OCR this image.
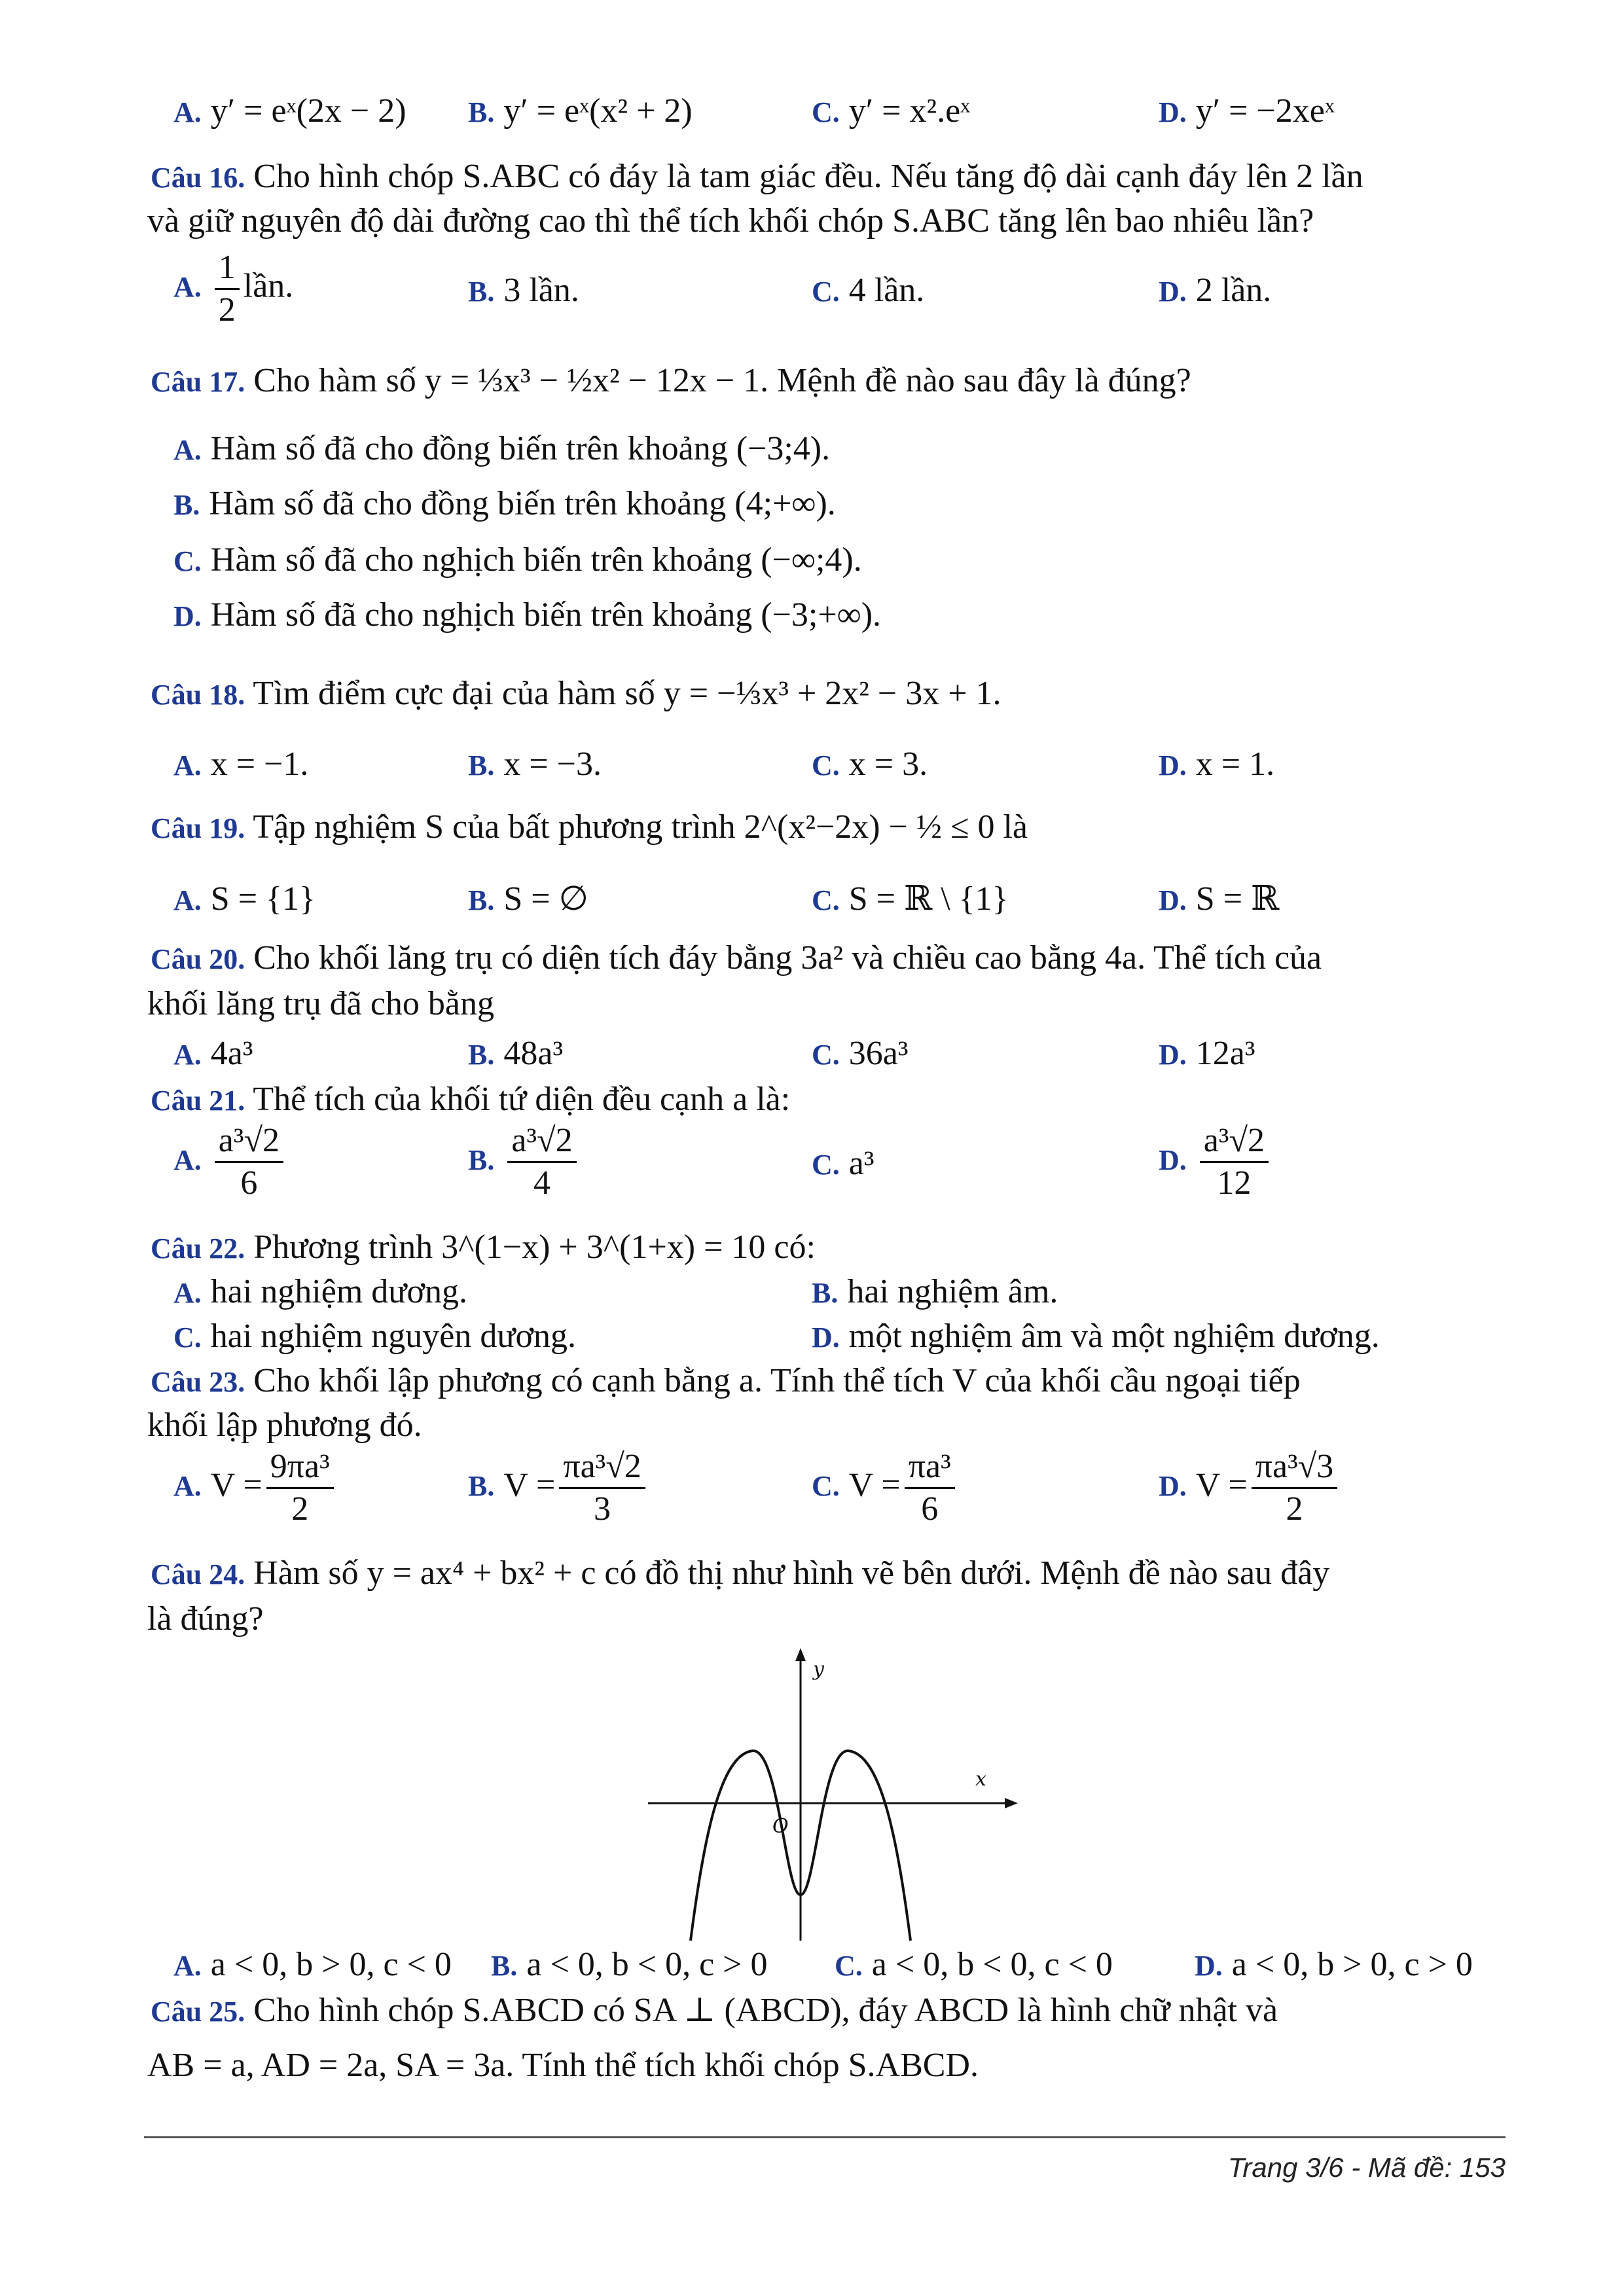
A. y′ = eˣ(2x − 2) B. y′ = eˣ(x² + 2)	C. y′ = x².eˣ	D. y′ = −2xeˣ
Câu 16. Cho hình chóp S.ABC có đáy là tam giác đều. Nếu tăng độ dài cạnh đáy lên 2 lần
và giữ nguyên độ dài đường cao thì thể tích khối chóp S.ABC tăng lên bao nhiêu lần?
A. $\frac{1}{2}$ lần.	B. 3 lần.	C. 4 lần.	D. 2 lần.
Câu 17. Cho hàm số y = ⅓x³ − ½x² − 12x − 1. Mệnh đề nào sau đây là đúng?
A. Hàm số đã cho đồng biến trên khoảng (−3;4).
B. Hàm số đã cho đồng biến trên khoảng (4;+∞).
C. Hàm số đã cho nghịch biến trên khoảng (−∞;4).
D. Hàm số đã cho nghịch biến trên khoảng (−3;+∞).
Câu 18. Tìm điểm cực đại của hàm số y = −⅓x³ + 2x² − 3x + 1.
A. x = −1.	B. x = −3.	C. x = 3.	D. x = 1.
Câu 19. Tập nghiệm S của bất phương trình 2^(x²−2x) − ½ ≤ 0 là
A. S = {1}	B. S = ∅	C. S = ℝ \ {1}	D. S = ℝ
Câu 20. Cho khối lăng trụ có diện tích đáy bằng 3a² và chiều cao bằng 4a. Thể tích của
khối lăng trụ đã cho bằng
A. 4a³	B. 48a³	C. 36a³	D. 12a³
Câu 21. Thể tích của khối tứ diện đều cạnh a là:
A. $\frac{\text{a³√2}}{6}$	B. $\frac{\text{a³√2}}{4}$	C. a³	D. $\frac{\text{a³√2}}{12}$
Câu 22. Phương trình 3^(1−x) + 3^(1+x) = 10 có:
A. hai nghiệm dương.	B. hai nghiệm âm.
C. hai nghiệm nguyên dương.	D. một nghiệm âm và một nghiệm dương.
Câu 23. Cho khối lập phương có cạnh bằng a. Tính thể tích V của khối cầu ngoại tiếp
khối lập phương đó.
A. $V = \frac{\text{9πa³}}{2}$	B. $V = \frac{\text{πa³√2}}{3}$	C. $V = \frac{\text{πa³}}{6}$	D. $V = \frac{\text{πa³√3}}{2}$
Câu 24. Hàm số y = ax⁴ + bx² + c có đồ thị như hình vẽ bên dưới. Mệnh đề nào sau đây
là đúng?
y
x
O
A. a < 0, b > 0, c < 0 B. a < 0, b < 0, c > 0 C. a < 0, b < 0, c < 0	D. a < 0, b > 0, c > 0
Câu 25. Cho hình chóp S.ABCD có SA ⊥ (ABCD), đáy ABCD là hình chữ nhật và
AB = a, AD = 2a, SA = 3a. Tính thể tích khối chóp S.ABCD.
Trang 3/6 - Mã đề: 153
